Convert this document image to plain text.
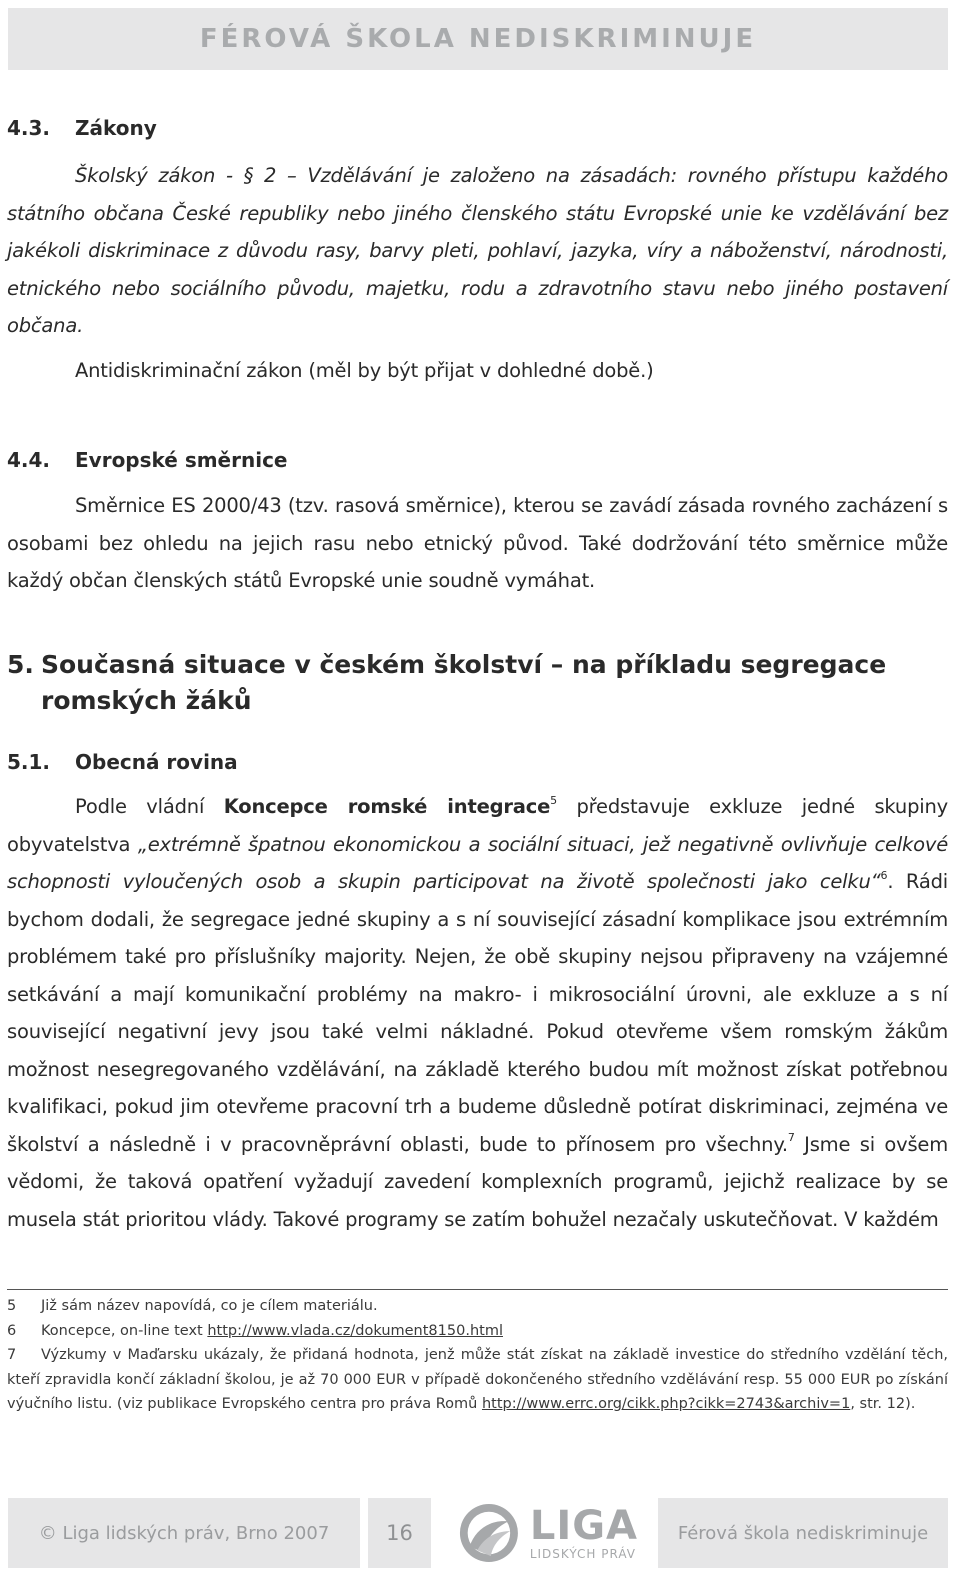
FÉROVÁ ŠKOLA NEDISKRIMINUJE
4.3. Zákony

Školský zákon - § 2 – Vzdělávání je založeno na zásadách: rovného přístupu každého státního občana České republiky nebo jiného členského státu Evropské unie ke vzdělávání bez jakékoli diskriminace z důvodu rasy, barvy pleti, pohlaví, jazyka, víry a náboženství, národnosti, etnického nebo sociálního původu, majetku, rodu a zdravotního stavu nebo jiného postavení občana.

Antidiskriminační zákon (měl by být přijat v dohledné době.)

4.4. Evropské směrnice

Směrnice ES 2000/43 (tzv. rasová směrnice), kterou se zavádí zásada rovného zacházení s osobami bez ohledu na jejich rasu nebo etnický původ. Také dodržování této směrnice může každý občan členských států Evropské unie soudně vymáhat.

5. Současná situace v českém školství – na příkladu segregace romských žáků
5.1. Obecná rovina

Podle vládní Koncepce romské integrace$^5$ představuje exkluze jedné skupiny obyvatelstva „extrémně špatnou ekonomickou a sociální situaci, jež negativně ovlivňuje celkové schopnosti vyloučených osob a skupin participovat na životě společnosti jako celku“$^6$. Rádi bychom dodali, že segregace jedné skupiny a s ní související zásadní komplikace jsou extrémním problémem také pro příslušníky majority. Nejen, že obě skupiny nejsou připraveny na vzájemné setkávání a mají komunikační problémy na makro- i mikrosociální úrovni, ale exkluze a s ní související negativní jevy jsou také velmi nákladné. Pokud otevřeme všem romským žákům možnost nesegregovaného vzdělávání, na základě kterého budou mít možnost získat potřebnou kvalifikaci, pokud jim otevřeme pracovní trh a budeme důsledně potírat diskriminaci, zejména ve školství a následně i v pracovněprávní oblasti, bude to přínosem pro všechny.$^7$ Jsme si ovšem vědomi, že taková opatření vyžadují zavedení komplexních programů, jejichž realizace by se musela stát prioritou vlády. Takové programy se zatím bohužel nezačaly uskutečňovat. V každém

5 Již sám název napovídá, co je cílem materiálu.
6 Koncepce, on-line text http://www.vlada.cz/dokument8150.html
7 Výzkumy v Maďarsku ukázaly, že přidaná hodnota, jenž může stát získat na základě investice do středního vzdělání těch, kteří zpravidla končí základní školou, je až 70 000 EUR v případě dokončeného středního vzdělávání resp. 55 000 EUR po získání výučního listu. (viz publikace Evropského centra pro práva Romů http://www.errc.org/cikk.php?cikk=2743&archiv=1, str. 12).
© Liga lidských práv, Brno 2007	16	LIGA
LIDSKÝCH PRÁV
Férová škola nediskriminuje
